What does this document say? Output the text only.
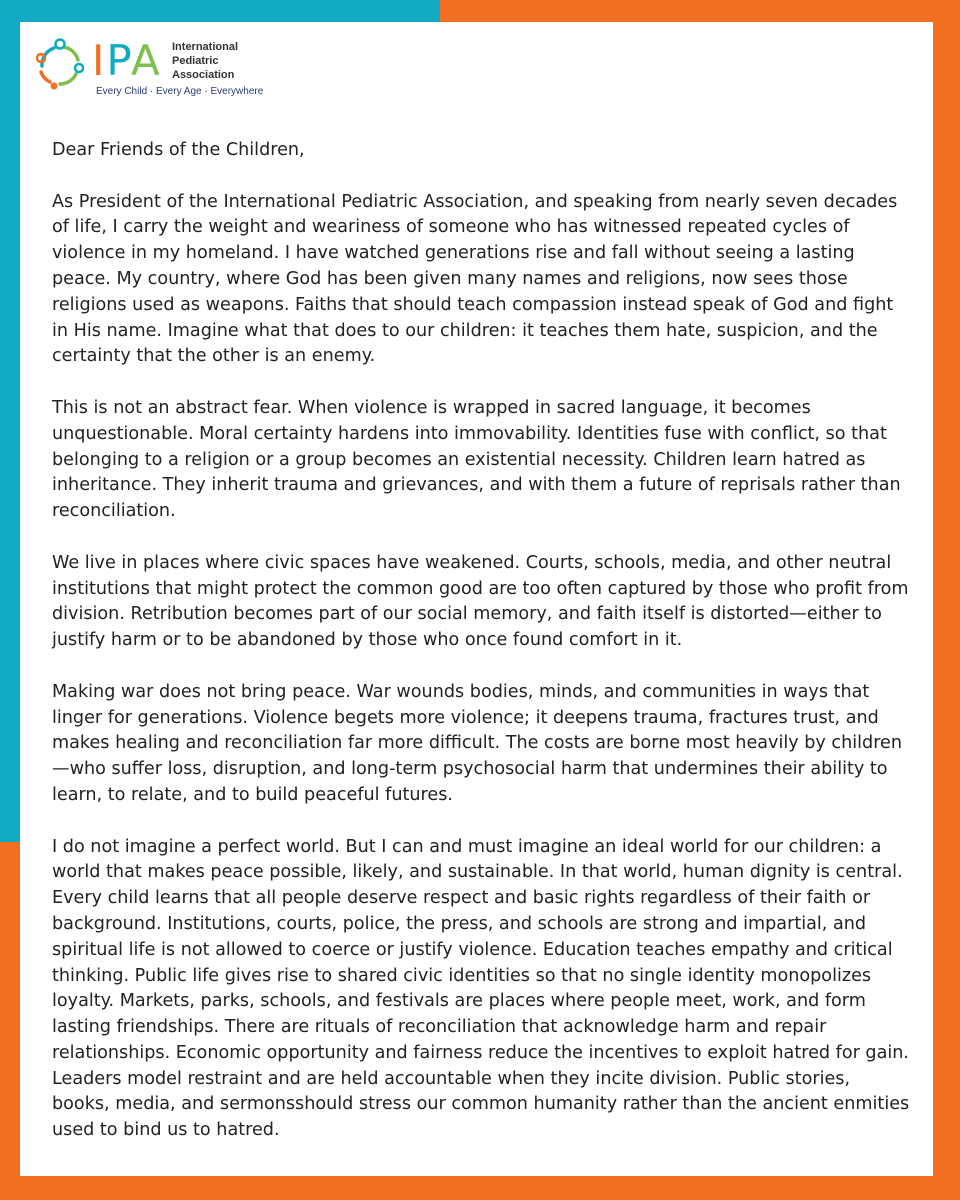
IPA International
Pediatric
Association
Every Child · Every Age · Everywhere

Dear Friends of the Children,

As President of the International Pediatric Association, and speaking from nearly seven decades of life, I carry the weight and weariness of someone who has witnessed repeated cycles of violence in my homeland. I have watched generations rise and fall without seeing a lasting peace. My country, where God has been given many names and religions, now sees those religions used as weapons. Faiths that should teach compassion instead speak of God and fight in His name. Imagine what that does to our children: it teaches them hate, suspicion, and the certainty that the other is an enemy.

This is not an abstract fear. When violence is wrapped in sacred language, it becomes unquestionable. Moral certainty hardens into immovability. Identities fuse with conflict, so that belonging to a religion or a group becomes an existential necessity. Children learn hatred as inheritance. They inherit trauma and grievances, and with them a future of reprisals rather than reconciliation.

We live in places where civic spaces have weakened. Courts, schools, media, and other neutral institutions that might protect the common good are too often captured by those who profit from division. Retribution becomes part of our social memory, and faith itself is distorted—either to justify harm or to be abandoned by those who once found comfort in it.

Making war does not bring peace. War wounds bodies, minds, and communities in ways that linger for generations. Violence begets more violence; it deepens trauma, fractures trust, and makes healing and reconciliation far more difficult. The costs are borne most heavily by children—who suffer loss, disruption, and long-term psychosocial harm that undermines their ability to learn, to relate, and to build peaceful futures.

I do not imagine a perfect world. But I can and must imagine an ideal world for our children: a world that makes peace possible, likely, and sustainable. In that world, human dignity is central. Every child learns that all people deserve respect and basic rights regardless of their faith or background. Institutions, courts, police, the press, and schools are strong and impartial, and spiritual life is not allowed to coerce or justify violence. Education teaches empathy and critical thinking. Public life gives rise to shared civic identities so that no single identity monopolizes loyalty. Markets, parks, schools, and festivals are places where people meet, work, and form lasting friendships. There are rituals of reconciliation that acknowledge harm and repair relationships. Economic opportunity and fairness reduce the incentives to exploit hatred for gain. Leaders model restraint and are held accountable when they incite division. Public stories, books, media, and sermonsshould stress our common humanity rather than the ancient enmities used to bind us to hatred.
